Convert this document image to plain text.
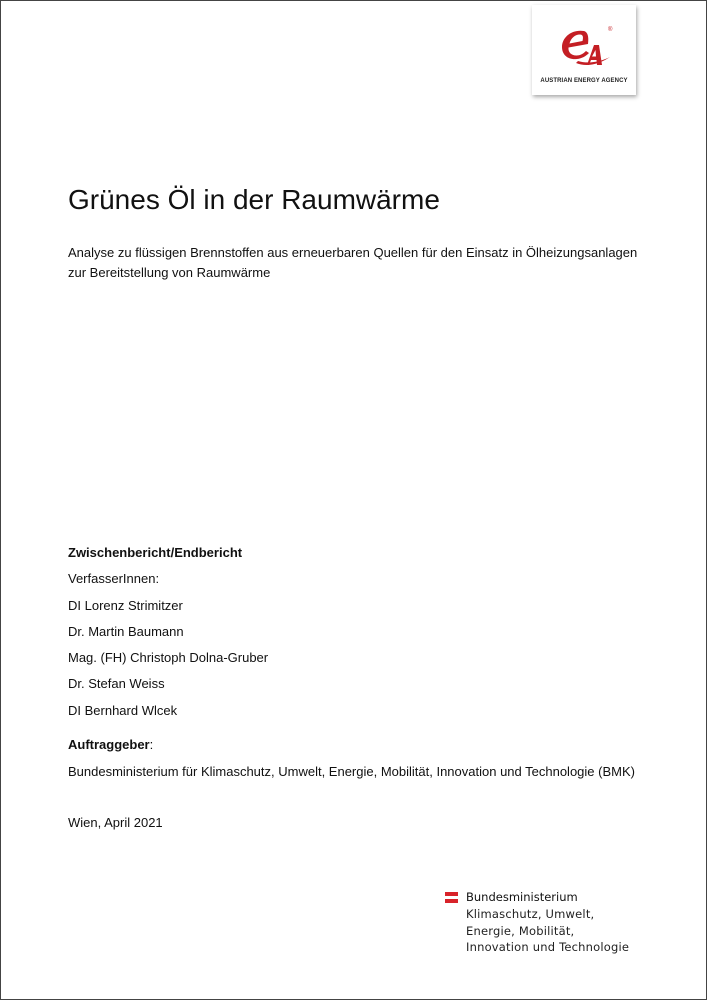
®
AUSTRIAN ENERGY AGENCY
Grünes Öl in der Raumwärme

Analyse zu flüssigen Brennstoffen aus erneuerbaren Quellen für den Einsatz in Ölheizungsanlagen zur Bereitstellung von Raumwärme

Zwischenbericht/Endbericht
VerfasserInnen:
DI Lorenz Strimitzer
Dr. Martin Baumann
Mag. (FH) Christoph Dolna-Gruber
Dr. Stefan Weiss
DI Bernhard Wlcek
Auftraggeber:
Bundesministerium für Klimaschutz, Umwelt, Energie, Mobilität, Innovation und Technologie (BMK)
Wien, April 2021
Bundesministerium
Klimaschutz, Umwelt,
Energie, Mobilität,
Innovation und Technologie
